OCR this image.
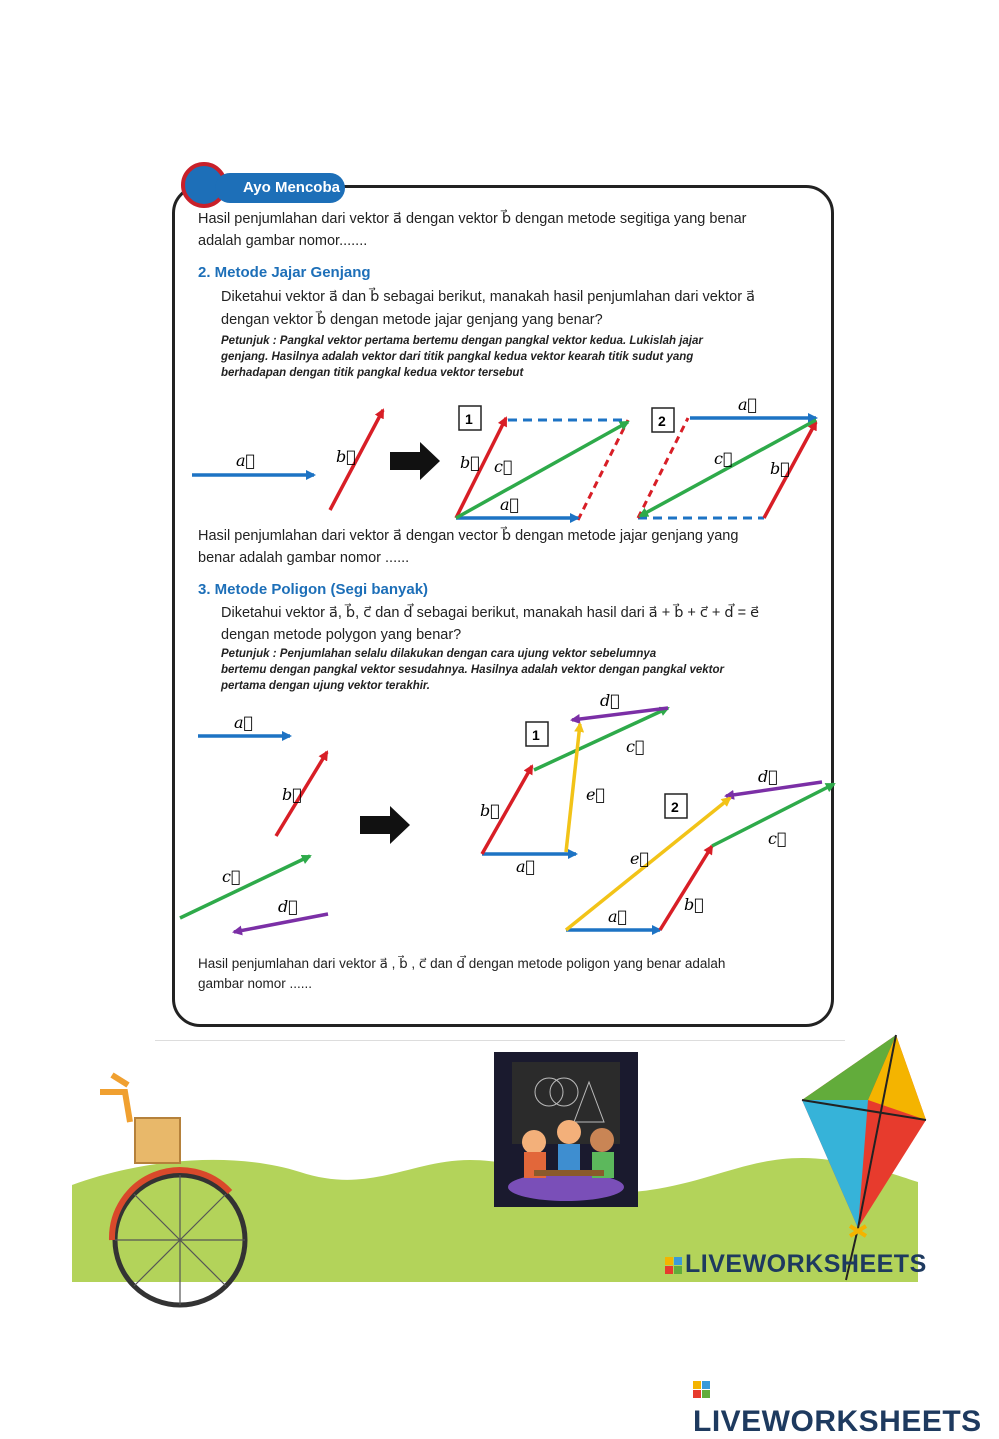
Ayo Mencoba
Hasil penjumlahan dari vektor a⃗ dengan vektor b⃗ dengan metode segitiga yang benar
adalah gambar nomor.......
2. Metode Jajar Genjang
Diketahui vektor a⃗ dan b⃗ sebagai berikut, manakah hasil penjumlahan dari vektor a⃗
dengan vektor b⃗ dengan metode jajar genjang yang benar?
Petunjuk : Pangkal vektor pertama bertemu dengan pangkal vektor kedua. Lukislah jajar
genjang. Hasilnya adalah vektor dari titik pangkal kedua vektor kearah titik sudut yang
berhadapan dengan titik pangkal kedua vektor tersebut
a⃗	b⃗
1
b⃗ c⃗
a⃗
2
a⃗
c⃗
b⃗
Hasil penjumlahan dari vektor a⃗ dengan vector b⃗ dengan metode jajar genjang yang
benar adalah gambar nomor ......
3. Metode Poligon (Segi banyak)
Diketahui vektor a⃗, b⃗, c⃗ dan d⃗ sebagai berikut, manakah hasil dari a⃗ + b⃗ + c⃗ + d⃗ = e⃗
dengan metode polygon yang benar?
Petunjuk : Penjumlahan selalu dilakukan dengan cara ujung vektor sebelumnya
bertemu dengan pangkal vektor sesudahnya. Hasilnya adalah vektor dengan pangkal vektor
pertama dengan ujung vektor terakhir.
a⃗
b⃗
c⃗
d⃗
1
b⃗
a⃗
e⃗
c⃗
d⃗
2
a⃗
b⃗
e⃗
c⃗
d⃗
Hasil penjumlahan dari vektor a⃗ , b⃗ , c⃗ dan d⃗ dengan metode poligon yang benar adalah
gambar nomor ......
LIVEWORKSHEETS
LIVEWORKSHEETS
